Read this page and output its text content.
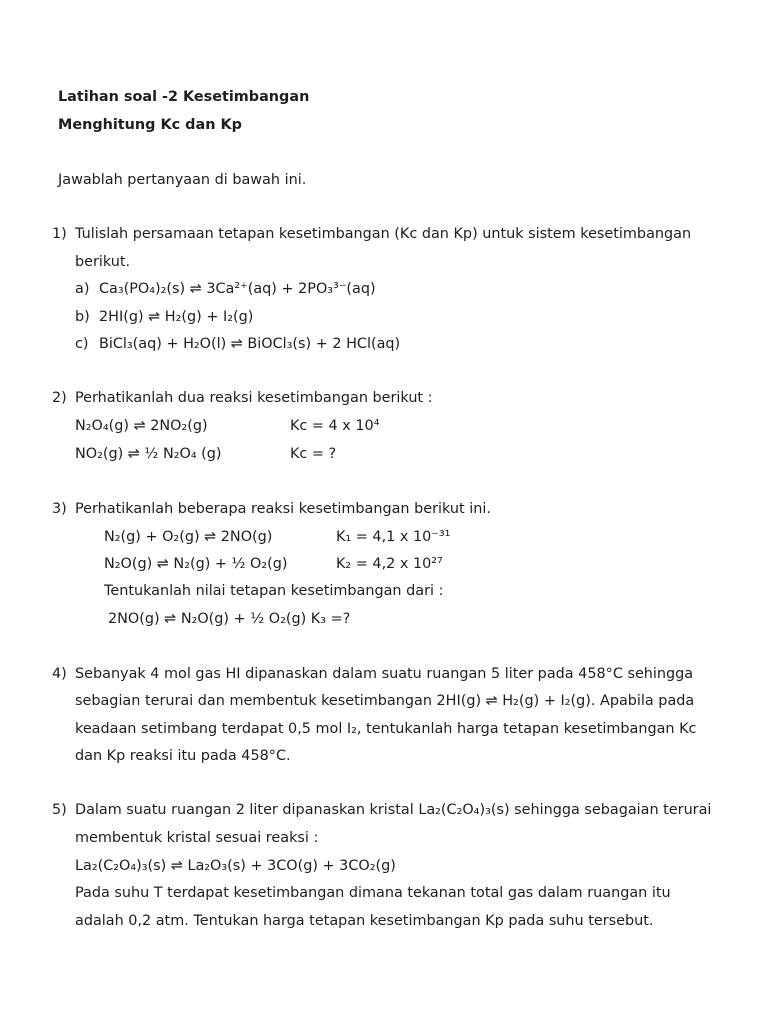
Latihan soal -2 Kesetimbangan
Menghitung Kc dan Kp
Jawablah pertanyaan di bawah ini.
1) Tulislah persamaan tetapan kesetimbangan (Kc dan Kp) untuk sistem kesetimbangan
berikut.
a) Ca₃(PO₄)₂(s) ⇌ 3Ca²⁺(aq) + 2PO₃³⁻(aq)
b) 2HI(g) ⇌ H₂(g) + I₂(g)
c) BiCl₃(aq) + H₂O(l) ⇌ BiOCl₃(s) + 2 HCl(aq)
2) Perhatikanlah dua reaksi kesetimbangan berikut :
N₂O₄(g) ⇌ 2NO₂(g)	Kc = 4 x 10⁴
NO₂(g) ⇌ ½ N₂O₄ (g)	Kc = ?
3) Perhatikanlah beberapa reaksi kesetimbangan berikut ini.
N₂(g) + O₂(g) ⇌ 2NO(g)	K₁ = 4,1 x 10⁻³¹
N₂O(g) ⇌ N₂(g) + ½ O₂(g)	K₂ = 4,2 x 10²⁷
Tentukanlah nilai tetapan kesetimbangan dari :
2NO(g) ⇌ N₂O(g) + ½ O₂(g) K₃ =?
4) Sebanyak 4 mol gas HI dipanaskan dalam suatu ruangan 5 liter pada 458°C sehingga
sebagian terurai dan membentuk kesetimbangan 2HI(g) ⇌ H₂(g) + I₂(g). Apabila pada
keadaan setimbang terdapat 0,5 mol I₂, tentukanlah harga tetapan kesetimbangan Kc
dan Kp reaksi itu pada 458°C.
5) Dalam suatu ruangan 2 liter dipanaskan kristal La₂(C₂O₄)₃(s) sehingga sebagaian terurai
membentuk kristal sesuai reaksi :
La₂(C₂O₄)₃(s) ⇌ La₂O₃(s) + 3CO(g) + 3CO₂(g)
Pada suhu T terdapat kesetimbangan dimana tekanan total gas dalam ruangan itu
adalah 0,2 atm. Tentukan harga tetapan kesetimbangan Kp pada suhu tersebut.
